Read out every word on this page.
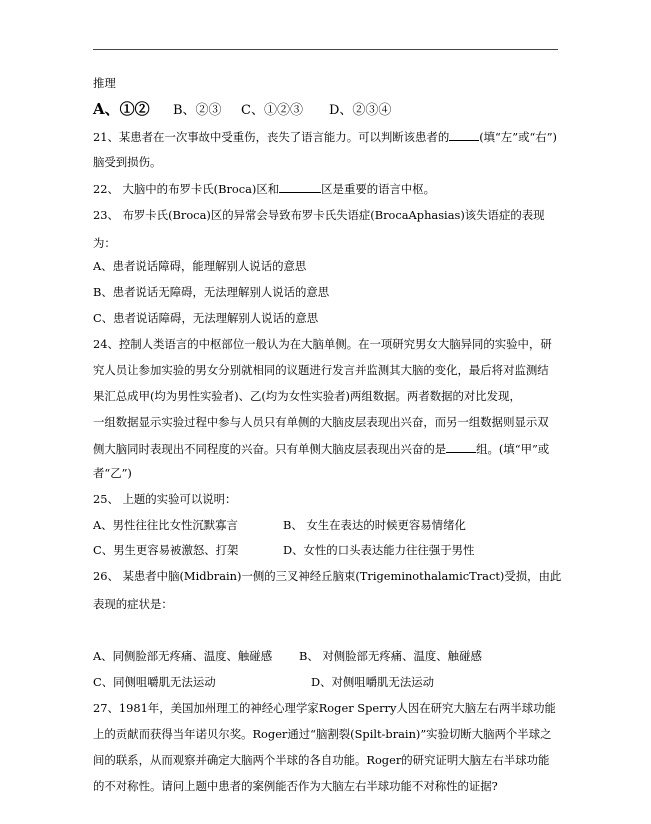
推理
A、①② B、②③ C、①②③ D、②③④
21、某患者在一次事故中受重伤，丧失了语言能力。可以判断该患者的	(填“左”或“右”)
脑受到损伤。
22、 大脑中的布罗卡氏(Broca)区和	区是重要的语言中枢。
23、 布罗卡氏(Broca)区的异常会导致布罗卡氏失语症(BrocaAphasias)该失语症的表现
为：
A、患者说话障碍，能理解别人说话的意思
B、患者说话无障碍，无法理解别人说话的意思
C、患者说话障碍，无法理解别人说话的意思
24、控制人类语言的中枢部位一般认为在大脑单侧。在一项研究男女大脑异同的实验中，研
究人员让参加实验的男女分别就相同的议题进行发言并监测其大脑的变化，最后将对监测结
果汇总成甲(均为男性实验者)、乙(均为女性实验者)两组数据。两者数据的对比发现，
一组数据显示实验过程中参与人员只有单侧的大脑皮层表现出兴奋，而另一组数据则显示双
侧大脑同时表现出不同程度的兴奋。只有单侧大脑皮层表现出兴奋的是	组。(填“甲”或
者“乙”)
25、 上题的实验可以说明：
A、男性往往比女性沉默寡言	B、 女生在表达的时候更容易情绪化
C、男生更容易被激怒、打架	D、女性的口头表达能力往往强于男性
26、 某患者中脑(Midbrain)一侧的三叉神经丘脑束(TrigeminothalamicTract)受损，由此
表现的症状是：
A、同侧脸部无疼痛、温度、触碰感 B、 对侧脸部无疼痛、温度、触碰感
C、同侧咀嚼肌无法运动	D、对侧咀嚼肌无法运动
27、1981年，美国加州理工的神经心理学家Roger Sperry人因在研究大脑左右两半球功能
上的贡献而获得当年诺贝尔奖。Roger通过“脑割裂(Spilt-brain)”实验切断大脑两个半球之
间的联系，从而观察并确定大脑两个半球的各自功能。Roger的研究证明大脑左右半球功能
的不对称性。请问上题中患者的案例能否作为大脑左右半球功能不对称性的证据?
